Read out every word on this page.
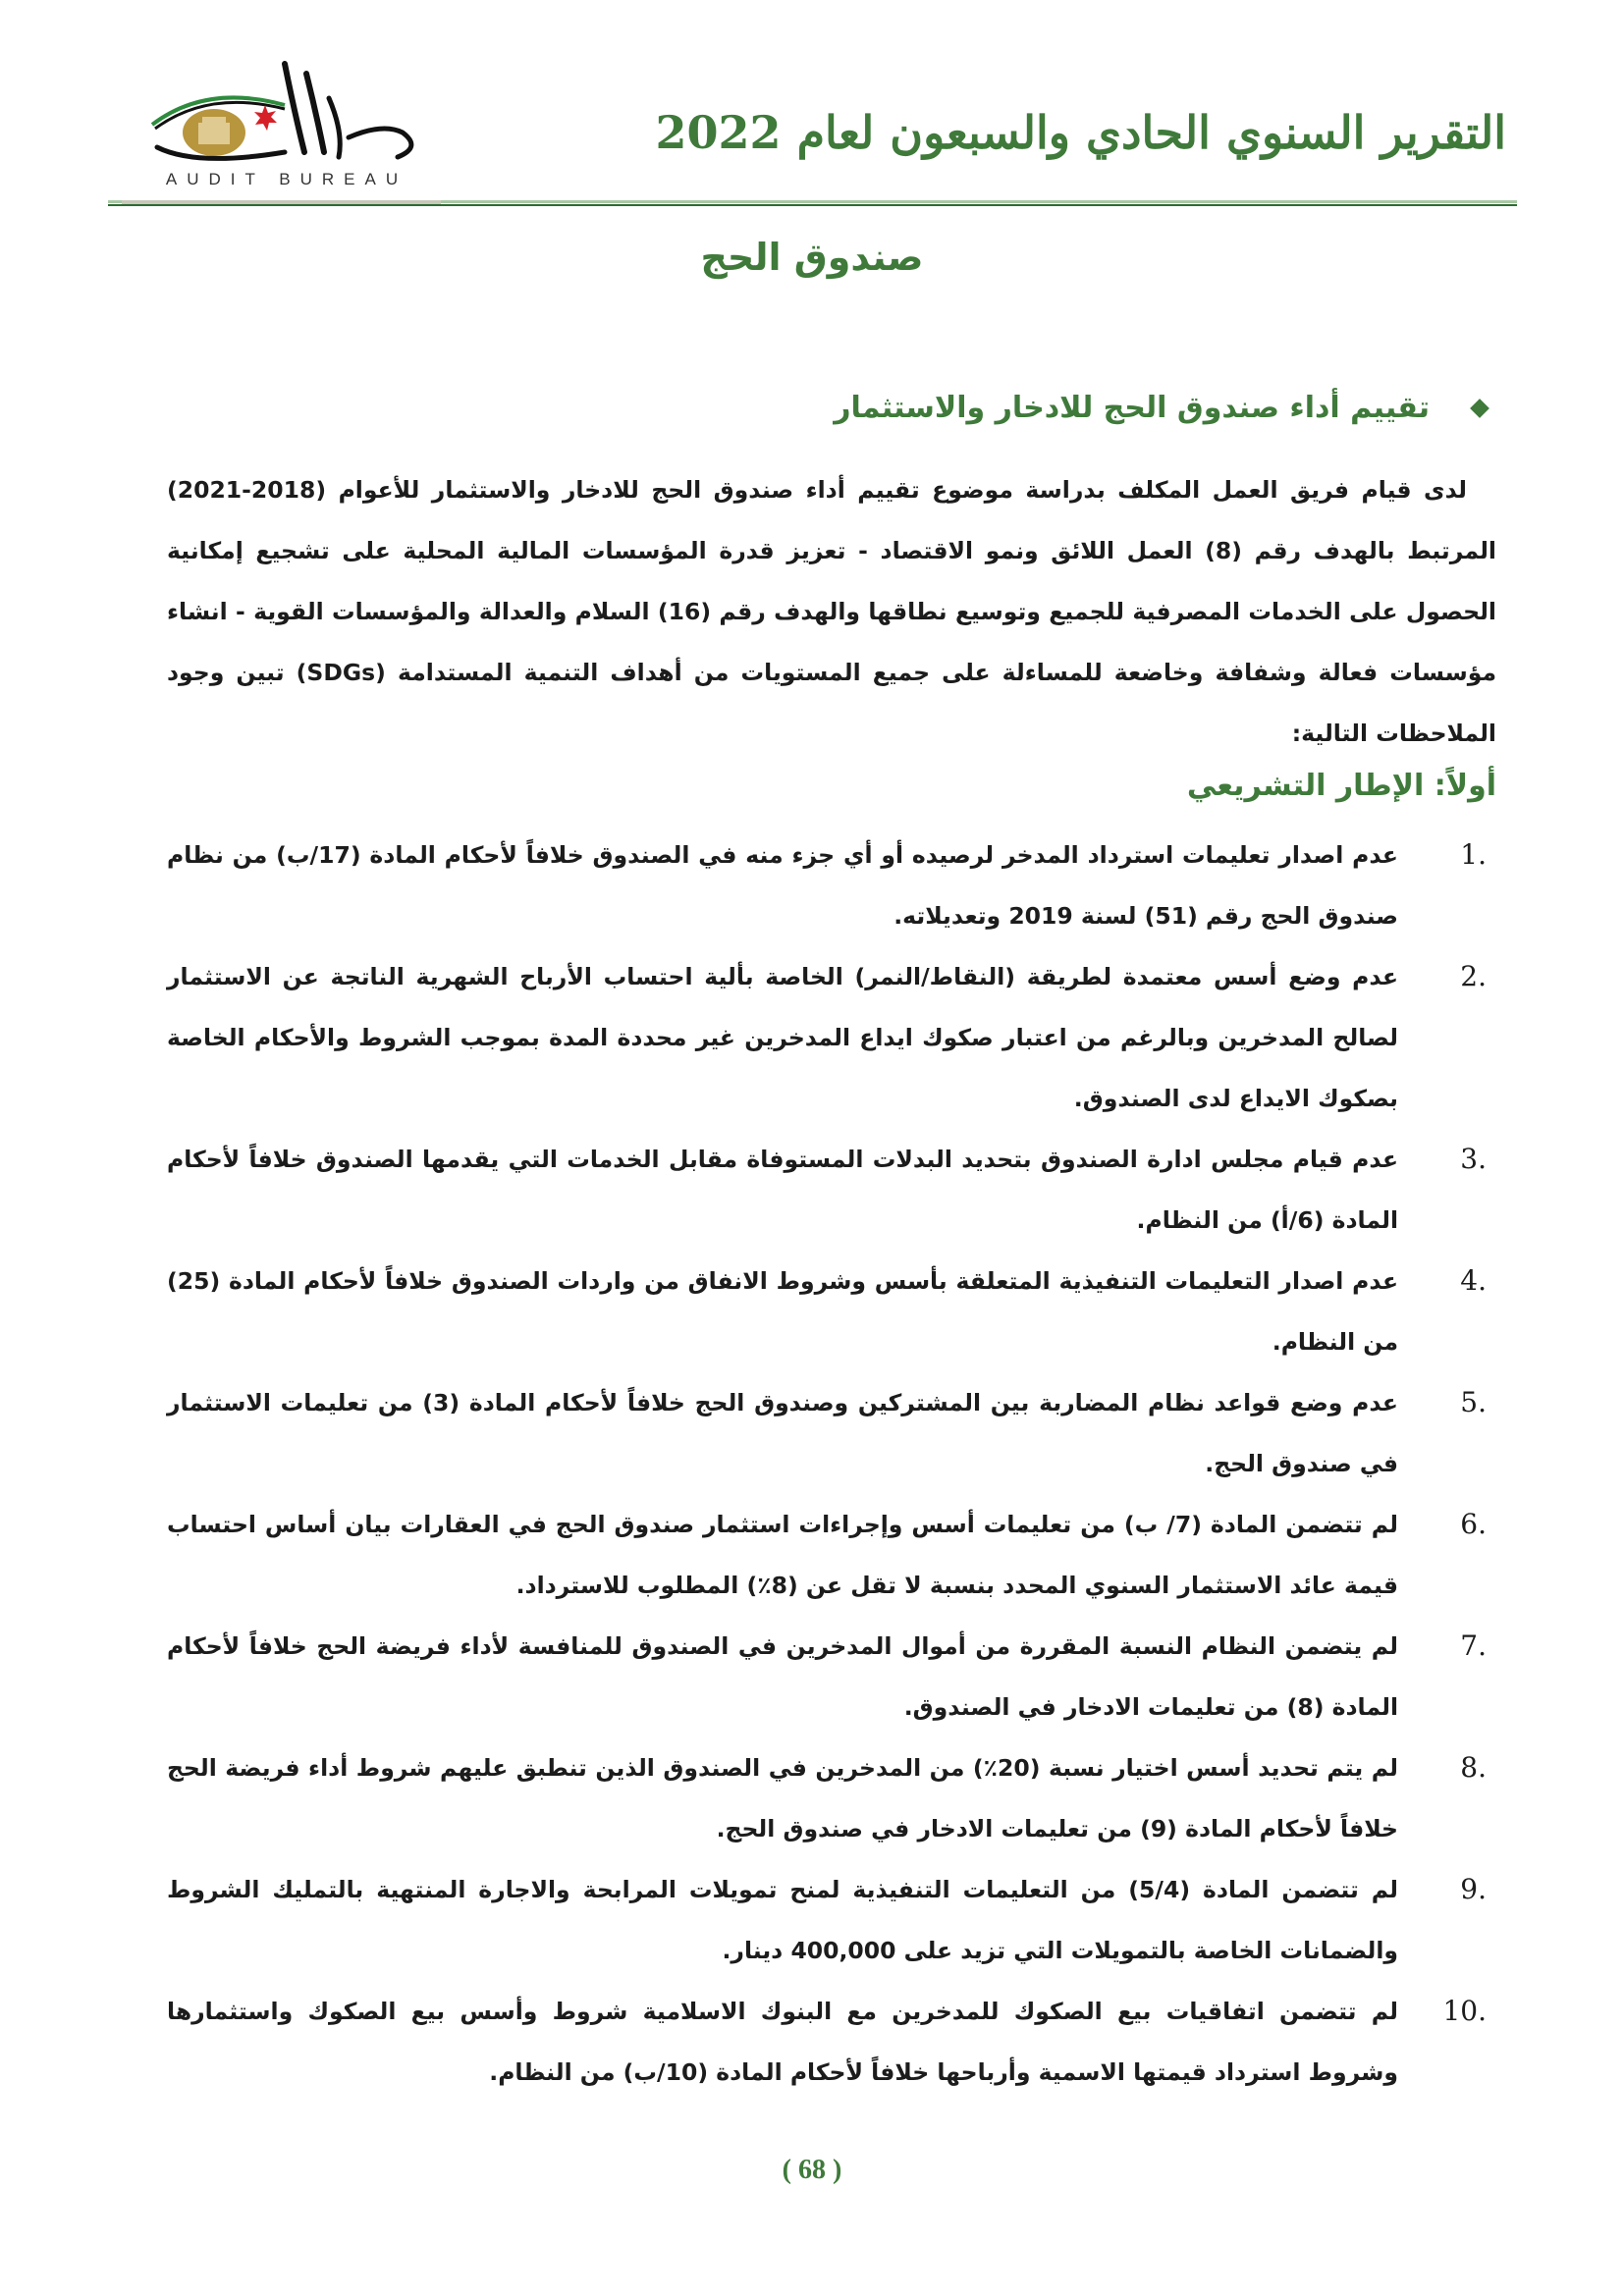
AUDIT BUREAU
التقرير السنوي الحادي والسبعون لعام 2022
صندوق الحج
تقييم أداء صندوق الحج للادخار والاستثمار

لدى قيام فريق العمل المكلف بدراسة موضوع تقييم أداء صندوق الحج للادخار والاستثمار للأعوام (2018-2021) المرتبط بالهدف رقم (8) العمل اللائق ونمو الاقتصاد - تعزيز قدرة المؤسسات المالية المحلية على تشجيع إمكانية الحصول على الخدمات المصرفية للجميع وتوسيع نطاقها والهدف رقم (16) السلام والعدالة والمؤسسات القوية - انشاء مؤسسات فعالة وشفافة وخاضعة للمساءلة على جميع المستويات من أهداف التنمية المستدامة (SDGs) تبين وجود الملاحظات التالية:

أولاً: الإطار التشريعي
1.
عدم اصدار تعليمات استرداد المدخر لرصيده أو أي جزء منه في الصندوق خلافاً لأحكام المادة (17/ب) من نظام صندوق الحج رقم (51) لسنة 2019 وتعديلاته.
2.
عدم وضع أسس معتمدة لطريقة (النقاط/النمر) الخاصة بألية احتساب الأرباح الشهرية الناتجة عن الاستثمار لصالح المدخرين وبالرغم من اعتبار صكوك ايداع المدخرين غير محددة المدة بموجب الشروط والأحكام الخاصة بصكوك الايداع لدى الصندوق.
3.
عدم قيام مجلس ادارة الصندوق بتحديد البدلات المستوفاة مقابل الخدمات التي يقدمها الصندوق خلافاً لأحكام المادة (6/أ) من النظام.
4.
عدم اصدار التعليمات التنفيذية المتعلقة بأسس وشروط الانفاق من واردات الصندوق خلافاً لأحكام المادة (25) من النظام.
5.
عدم وضع قواعد نظام المضاربة بين المشتركين وصندوق الحج خلافاً لأحكام المادة (3) من تعليمات الاستثمار في صندوق الحج.
6.
لم تتضمن المادة (7/ ب) من تعليمات أسس وإجراءات استثمار صندوق الحج في العقارات بيان أساس احتساب قيمة عائد الاستثمار السنوي المحدد بنسبة لا تقل عن (8٪) المطلوب للاسترداد.
7.
لم يتضمن النظام النسبة المقررة من أموال المدخرين في الصندوق للمنافسة لأداء فريضة الحج خلافاً لأحكام المادة (8) من تعليمات الادخار في الصندوق.
8.
لم يتم تحديد أسس اختيار نسبة (20٪) من المدخرين في الصندوق الذين تنطبق عليهم شروط أداء فريضة الحج خلافاً لأحكام المادة (9) من تعليمات الادخار في صندوق الحج.
9.
لم تتضمن المادة (5/4) من التعليمات التنفيذية لمنح تمويلات المرابحة والاجارة المنتهية بالتمليك الشروط والضمانات الخاصة بالتمويلات التي تزيد على 400,000 دينار.
10.
لم تتضمن اتفاقيات بيع الصكوك للمدخرين مع البنوك الاسلامية شروط وأسس بيع الصكوك واستثمارها وشروط استرداد قيمتها الاسمية وأرباحها خلافاً لأحكام المادة (10/ب) من النظام.
( 68 )
